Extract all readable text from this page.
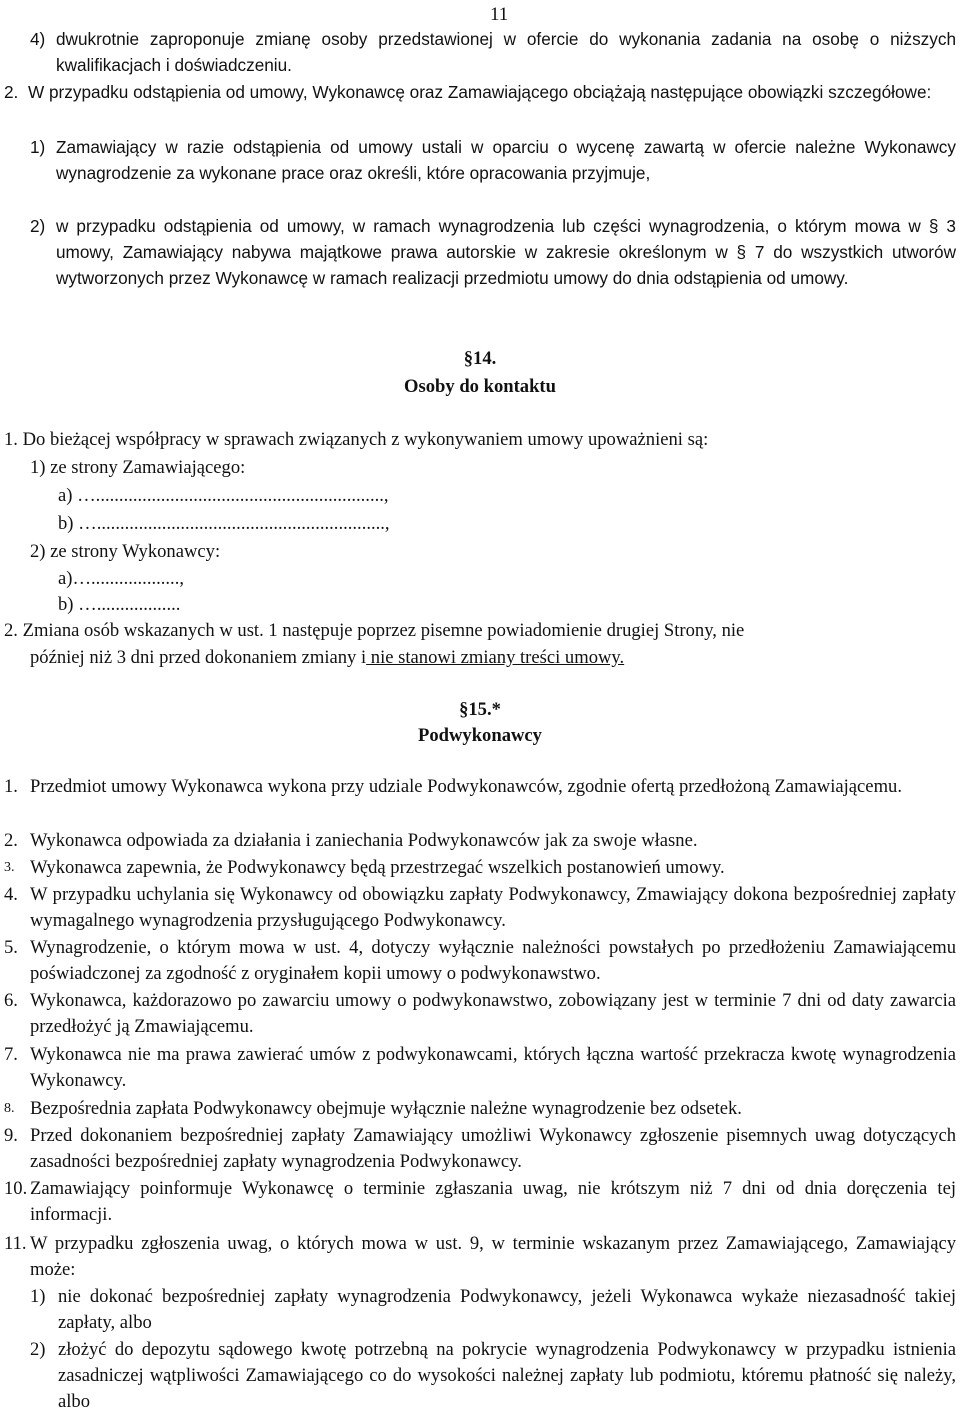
11
4) dwukrotnie zaproponuje zmianę osoby przedstawionej w ofercie do wykonania zadania na osobę o niższych kwalifikacjach i doświadczeniu.
2. W przypadku odstąpienia od umowy, Wykonawcę oraz Zamawiającego obciążają następujące obowiązki szczegółowe:
1) Zamawiający w razie odstąpienia od umowy ustali w oparciu o wycenę zawartą w ofercie należne Wykonawcy wynagrodzenie za wykonane prace oraz określi, które opracowania przyjmuje,
2) w przypadku odstąpienia od umowy, w ramach wynagrodzenia lub części wynagrodzenia, o którym mowa w § 3 umowy, Zamawiający nabywa majątkowe prawa autorskie w zakresie określonym w § 7 do wszystkich utworów wytworzonych przez Wykonawcę w ramach realizacji przedmiotu umowy do dnia odstąpienia od umowy.
§14.
Osoby do kontaktu
1. Do bieżącej współpracy w sprawach związanych z wykonywaniem umowy upoważnieni są:
1) ze strony Zamawiającego:
a) …..............................................................,
b) …..............................................................,
2) ze strony Wykonawcy:
a)…...................,
b) …..................
2. Zmiana osób wskazanych w ust. 1 następuje poprzez pisemne powiadomienie drugiej Strony, nie
później niż 3 dni przed dokonaniem zmiany i nie stanowi zmiany treści umowy.
§15.*
Podwykonawcy
1. Przedmiot umowy Wykonawca wykona przy udziale Podwykonawców, zgodnie ofertą przedłożoną Zamawiającemu.
2. Wykonawca odpowiada za działania i zaniechania Podwykonawców jak za swoje własne.
3. Wykonawca zapewnia, że Podwykonawcy będą przestrzegać wszelkich postanowień umowy.
4. W przypadku uchylania się Wykonawcy od obowiązku zapłaty Podwykonawcy, Zmawiający dokona bezpośredniej zapłaty wymagalnego wynagrodzenia przysługującego Podwykonawcy.
5. Wynagrodzenie, o którym mowa w ust. 4, dotyczy wyłącznie należności powstałych po przedłożeniu Zamawiającemu poświadczonej za zgodność z oryginałem kopii umowy o podwykonawstwo.
6. Wykonawca, każdorazowo po zawarciu umowy o podwykonawstwo, zobowiązany jest w terminie 7 dni od daty zawarcia przedłożyć ją Zmawiającemu.
7. Wykonawca nie ma prawa zawierać umów z podwykonawcami, których łączna wartość przekracza kwotę wynagrodzenia Wykonawcy.
8. Bezpośrednia zapłata Podwykonawcy obejmuje wyłącznie należne wynagrodzenie bez odsetek.
9. Przed dokonaniem bezpośredniej zapłaty Zamawiający umożliwi Wykonawcy zgłoszenie pisemnych uwag dotyczących zasadności bezpośredniej zapłaty wynagrodzenia Podwykonawcy.
10. Zamawiający poinformuje Wykonawcę o terminie zgłaszania uwag, nie krótszym niż 7 dni od dnia doręczenia tej informacji.
11. W przypadku zgłoszenia uwag, o których mowa w ust. 9, w terminie wskazanym przez Zamawiającego, Zamawiający może:
1) nie dokonać bezpośredniej zapłaty wynagrodzenia Podwykonawcy, jeżeli Wykonawca wykaże niezasadność takiej zapłaty, albo
2) złożyć do depozytu sądowego kwotę potrzebną na pokrycie wynagrodzenia Podwykonawcy w przypadku istnienia zasadniczej wątpliwości Zamawiającego co do wysokości należnej zapłaty lub podmiotu, któremu płatność się należy, albo
